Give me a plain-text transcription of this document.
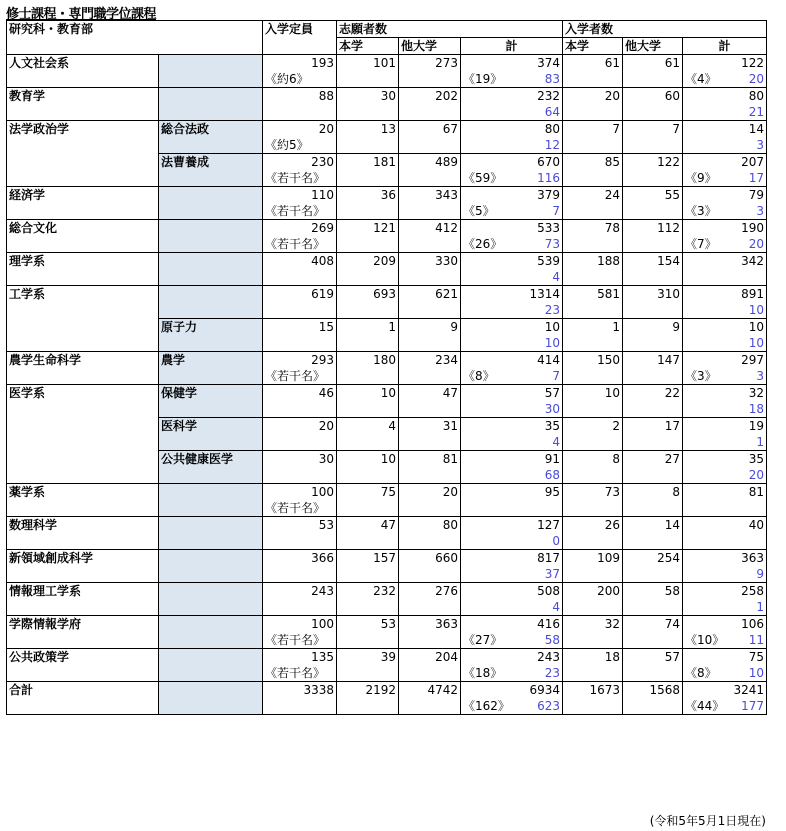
修士課程・専門職学位課程
研究科・教育部		入学定員	志願者数			入学者数		
			本学	他大学	計	本学	他大学	計
人文社会系		193	101	273	374	61	61	122
		《約6》			《19》 83			《4》 20

教育学		88	30	202	232	20	60	80

					64			21

法学政治学	総合法政	20	13	67	80	7	7	14
		《約5》			12			3

	法曹養成	230	181	489	670	85	122	207
		《若干名》			《59》 116			《9》 17

経済学		110	36	343	379	24	55	79
		《若干名》			《5》 7			《3》 3

総合文化		269	121	412	533	78	112	190
		《若干名》			《26》 73			《7》 20

理学系		408	209	330	539	188	154	342

					4			

工学系		619	693	621	1314	581	310	891

					23			10

	原子力	15	1	9	10	1	9	10

					10			10

農学生命科学	農学	293	180	234	414	150	147	297
		《若干名》			《8》 7			《3》 3

医学系	保健学	46	10	47	57	10	22	32

					30			18

	医科学	20	4	31	35	2	17	19

					4			1

	公共健康医学	30	10	81	91	8	27	35

					68			20

薬学系		100	75	20	95	73	8	81
		《若干名》			

数理科学		53	47	80	127	26	14	40

					0			

新領域創成科学		366	157	660	817	109	254	363

					37			9

情報理工学系		243	232	276	508	200	58	258

					4			1

学際情報学府		100	53	363	416	32	74	106
		《若干名》			《27》 58			《10》 11

公共政策学		135	39	204	243	18	57	75
		《若干名》			《18》 23			《8》 10

合計		3338	2192	4742	6934	1673	1568	3241

					《162》 623			《44》 177
(令和5年5月1日現在)
